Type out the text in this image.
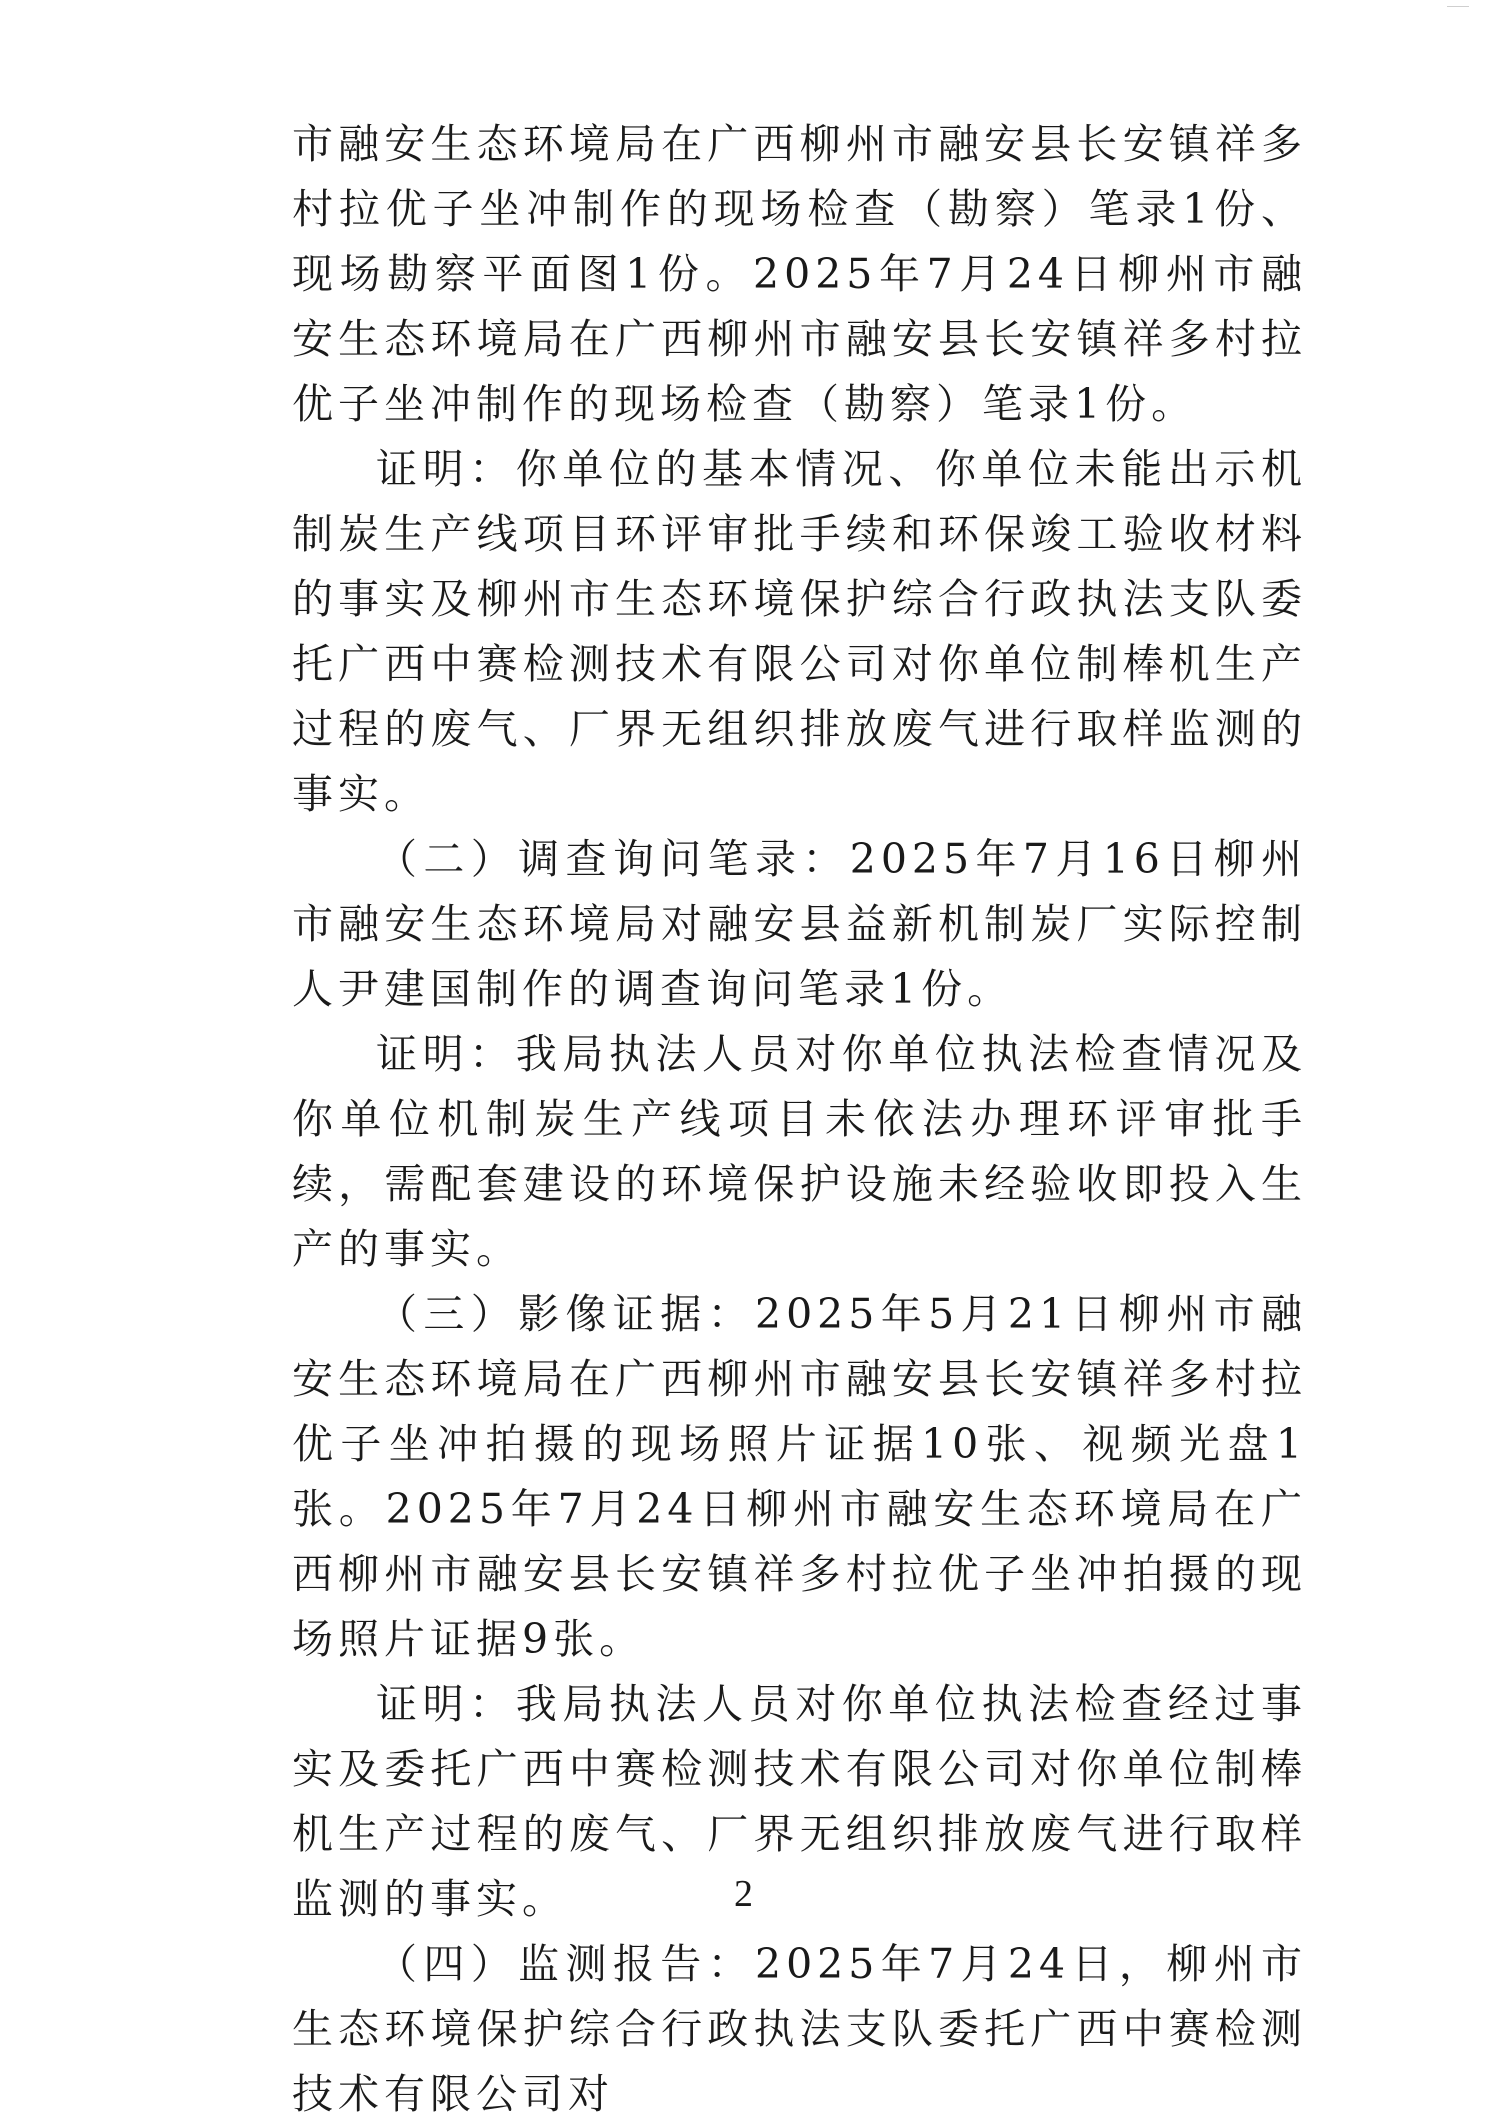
市融安生态环境局在广西柳州市融安县长安镇祥多村拉优子坐冲制作的现场检查（勘察）笔录1份、现场勘察平面图1份。2025年7月24日柳州市融安生态环境局在广西柳州市融安县长安镇祥多村拉优子坐冲制作的现场检查（勘察）笔录1份。

证明：你单位的基本情况、你单位未能出示机制炭生产线项目环评审批手续和环保竣工验收材料的事实及柳州市生态环境保护综合行政执法支队委托广西中赛检测技术有限公司对你单位制棒机生产过程的废气、厂界无组织排放废气进行取样监测的事实。

（二）调查询问笔录：2025年7月16日柳州市融安生态环境局对融安县益新机制炭厂实际控制人尹建国制作的调查询问笔录1份。

证明：我局执法人员对你单位执法检查情况及你单位机制炭生产线项目未依法办理环评审批手续，需配套建设的环境保护设施未经验收即投入生产的事实。

（三）影像证据：2025年5月21日柳州市融安生态环境局在广西柳州市融安县长安镇祥多村拉优子坐冲拍摄的现场照片证据10张、视频光盘1张。2025年7月24日柳州市融安生态环境局在广西柳州市融安县长安镇祥多村拉优子坐冲拍摄的现场照片证据9张。

证明：我局执法人员对你单位执法检查经过事实及委托广西中赛检测技术有限公司对你单位制棒机生产过程的废气、厂界无组织排放废气进行取样监测的事实。

（四）监测报告：2025年7月24日，柳州市生态环境保护综合行政执法支队委托广西中赛检测技术有限公司对

2
